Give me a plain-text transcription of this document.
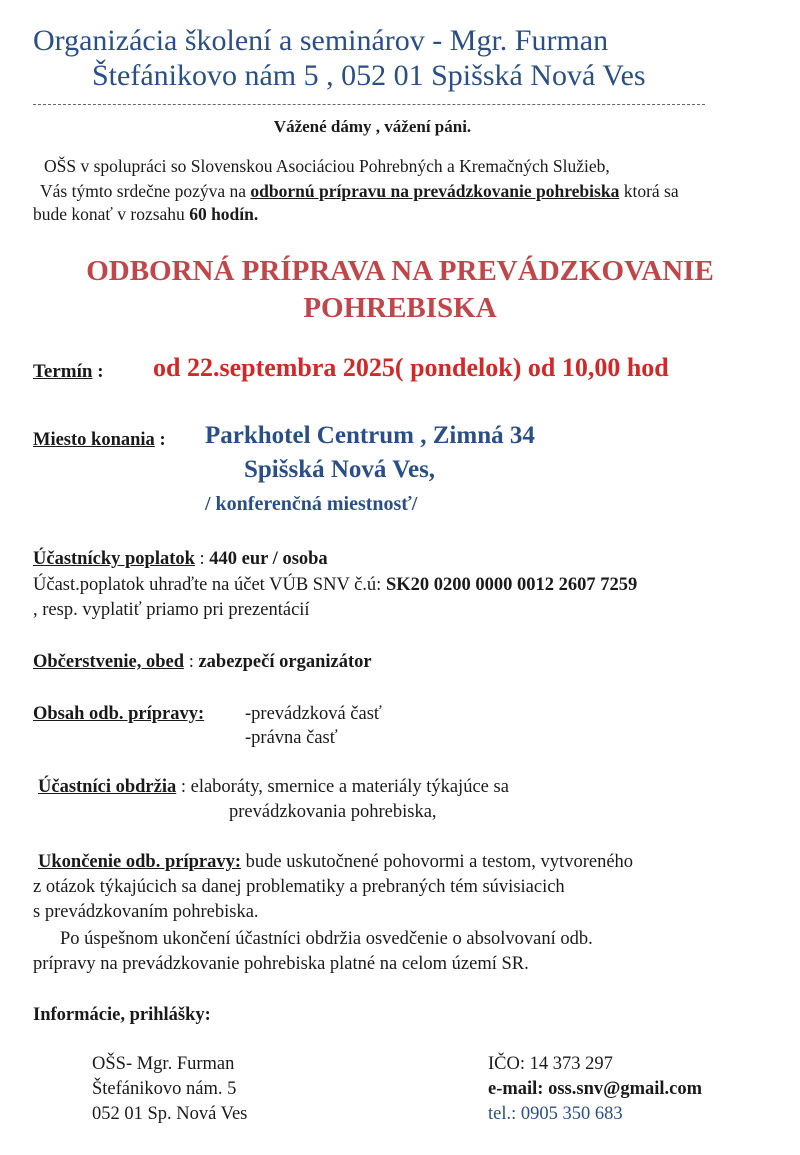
Organizácia školení a seminárov - Mgr. Furman
Štefánikovo nám 5 , 052 01 Spišská Nová Ves
Vážené dámy , vážení páni.
OŠS v spolupráci so Slovenskou Asociáciou Pohrebných a Kremačných Služieb,
Vás týmto srdečne pozýva na odbornú prípravu na prevádzkovanie pohrebiska ktorá sa
bude konať v rozsahu 60 hodín.
ODBORNÁ PRÍPRAVA NA PREVÁDZKOVANIE
POHREBISKA
Termín : od 22.septembra 2025( pondelok) od 10,00 hod
Miesto konania : Parkhotel Centrum , Zimná 34
Spišská Nová Ves,
/ konferenčná miestnosť/
Účastnícky poplatok : 440 eur / osoba
Účast.poplatok uhraďte na účet VÚB SNV č.ú: SK20 0200 0000 0012 2607 7259
, resp. vyplatiť priamo pri prezentácií
Občerstvenie, obed : zabezpečí organizátor
Obsah odb. prípravy: -prevádzková časť
-právna časť
Účastníci obdržia : elaboráty, smernice a materiály týkajúce sa
prevádzkovania pohrebiska,
Ukončenie odb. prípravy: bude uskutočnené pohovormi a testom, vytvoreného
z otázok týkajúcich sa danej problematiky a prebraných tém súvisiacich
s prevádzkovaním pohrebiska.
Po úspešnom ukončení účastníci obdržia osvedčenie o absolvovaní odb.
prípravy na prevádzkovanie pohrebiska platné na celom území SR.
Informácie, prihlášky:
OŠS- Mgr. Furman
Štefánikovo nám. 5
052 01 Sp. Nová Ves
IČO: 14 373 297
e-mail: oss.snv@gmail.com
tel.: 0905 350 683
